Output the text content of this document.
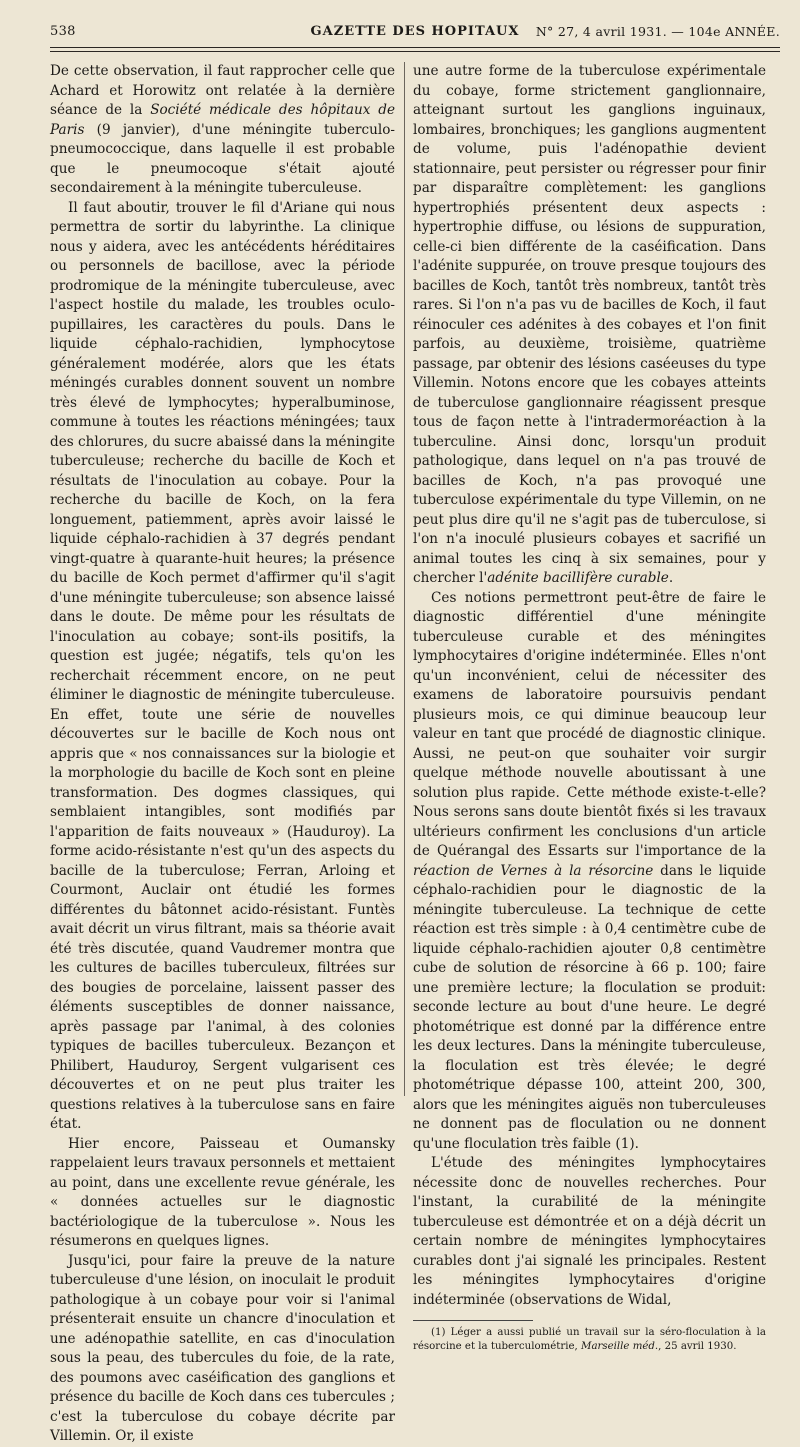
538	GAZETTE DES HOPITAUX	N° 27, 4 avril 1931. — 104e ANNÉE.

De cette observation, il faut rapprocher celle que Achard et Horowitz ont relatée à la dernière séance de la Société médicale des hôpitaux de Paris (9 janvier), d'une méningite tuberculo-pneumococcique, dans laquelle il est probable que le pneumocoque s'était ajouté secondairement à la méningite tuberculeuse.

Il faut aboutir, trouver le fil d'Ariane qui nous permettra de sortir du labyrinthe. La clinique nous y aidera, avec les antécédents héréditaires ou personnels de bacillose, avec la période prodromique de la méningite tuberculeuse, avec l'aspect hostile du malade, les troubles oculo-pupillaires, les caractères du pouls. Dans le liquide céphalo-rachidien, lymphocytose généralement modérée, alors que les états méningés curables donnent souvent un nombre très élevé de lymphocytes; hyperalbuminose, commune à toutes les réactions méningées; taux des chlorures, du sucre abaissé dans la méningite tuberculeuse; recherche du bacille de Koch et résultats de l'inoculation au cobaye. Pour la recherche du bacille de Koch, on la fera longuement, patiemment, après avoir laissé le liquide céphalo-rachidien à 37 degrés pendant vingt-quatre à quarante-huit heures; la présence du bacille de Koch permet d'affirmer qu'il s'agit d'une méningite tuberculeuse; son absence laissé dans le doute. De même pour les résultats de l'inoculation au cobaye; sont-ils positifs, la question est jugée; négatifs, tels qu'on les recherchait récemment encore, on ne peut éliminer le diagnostic de méningite tuberculeuse. En effet, toute une série de nouvelles découvertes sur le bacille de Koch nous ont appris que « nos connaissances sur la biologie et la morphologie du bacille de Koch sont en pleine transformation. Des dogmes classiques, qui semblaient intangibles, sont modifiés par l'apparition de faits nouveaux » (Hauduroy). La forme acido-résistante n'est qu'un des aspects du bacille de la tuberculose; Ferran, Arloing et Courmont, Auclair ont étudié les formes différentes du bâtonnet acido-résistant. Funtès avait décrit un virus filtrant, mais sa théorie avait été très discutée, quand Vaudremer montra que les cultures de bacilles tuberculeux, filtrées sur des bougies de porcelaine, laissent passer des éléments susceptibles de donner naissance, après passage par l'animal, à des colonies typiques de bacilles tuberculeux. Bezançon et Philibert, Hauduroy, Sergent vulgarisent ces découvertes et on ne peut plus traiter les questions relatives à la tuberculose sans en faire état.

Hier encore, Paisseau et Oumansky rappelaient leurs travaux personnels et mettaient au point, dans une excellente revue générale, les « données actuelles sur le diagnostic bactériologique de la tuberculose ». Nous les résumerons en quelques lignes.

Jusqu'ici, pour faire la preuve de la nature tuberculeuse d'une lésion, on inoculait le produit pathologique à un cobaye pour voir si l'animal présenterait ensuite un chancre d'inoculation et une adénopathie satellite, en cas d'inoculation sous la peau, des tubercules du foie, de la rate, des poumons avec caséification des ganglions et présence du bacille de Koch dans ces tubercules ; c'est la tuberculose du cobaye décrite par Villemin. Or, il existe

une autre forme de la tuberculose expérimentale du cobaye, forme strictement ganglionnaire, atteignant surtout les ganglions inguinaux, lombaires, bronchiques; les ganglions augmentent de volume, puis l'adénopathie devient stationnaire, peut persister ou régresser pour finir par disparaître complètement: les ganglions hypertrophiés présentent deux aspects : hypertrophie diffuse, ou lésions de suppuration, celle-ci bien différente de la caséification. Dans l'adénite suppurée, on trouve presque toujours des bacilles de Koch, tantôt très nombreux, tantôt très rares. Si l'on n'a pas vu de bacilles de Koch, il faut réinoculer ces adénites à des cobayes et l'on finit parfois, au deuxième, troisième, quatrième passage, par obtenir des lésions caséeuses du type Villemin. Notons encore que les cobayes atteints de tuberculose ganglionnaire réagissent presque tous de façon nette à l'intradermoréaction à la tuberculine. Ainsi donc, lorsqu'un produit pathologique, dans lequel on n'a pas trouvé de bacilles de Koch, n'a pas provoqué une tuberculose expérimentale du type Villemin, on ne peut plus dire qu'il ne s'agit pas de tuberculose, si l'on n'a inoculé plusieurs cobayes et sacrifié un animal toutes les cinq à six semaines, pour y chercher l'adénite bacillifère curable.

Ces notions permettront peut-être de faire le diagnostic différentiel d'une méningite tuberculeuse curable et des méningites lymphocytaires d'origine indéterminée. Elles n'ont qu'un inconvénient, celui de nécessiter des examens de laboratoire poursuivis pendant plusieurs mois, ce qui diminue beaucoup leur valeur en tant que procédé de diagnostic clinique. Aussi, ne peut-on que souhaiter voir surgir quelque méthode nouvelle aboutissant à une solution plus rapide. Cette méthode existe-t-elle? Nous serons sans doute bientôt fixés si les travaux ultérieurs confirment les conclusions d'un article de Quérangal des Essarts sur l'importance de la réaction de Vernes à la résorcine dans le liquide céphalo-rachidien pour le diagnostic de la méningite tuberculeuse. La technique de cette réaction est très simple : à 0,4 centimètre cube de liquide céphalo-rachidien ajouter 0,8 centimètre cube de solution de résorcine à 66 p. 100; faire une première lecture; la floculation se produit: seconde lecture au bout d'une heure. Le degré photométrique est donné par la différence entre les deux lectures. Dans la méningite tuberculeuse, la floculation est très élevée; le degré photométrique dépasse 100, atteint 200, 300, alors que les méningites aiguës non tuberculeuses ne donnent pas de floculation ou ne donnent qu'une floculation très faible (1).

L'étude des méningites lymphocytaires nécessite donc de nouvelles recherches. Pour l'instant, la curabilité de la méningite tuberculeuse est démontrée et on a déjà décrit un certain nombre de méningites lymphocytaires curables dont j'ai signalé les principales. Restent les méningites lymphocytaires d'origine indéterminée (observations de Widal,

(1) Léger a aussi publié un travail sur la séro-floculation à la résorcine et la tuberculométrie, Marseille méd., 25 avril 1930.
